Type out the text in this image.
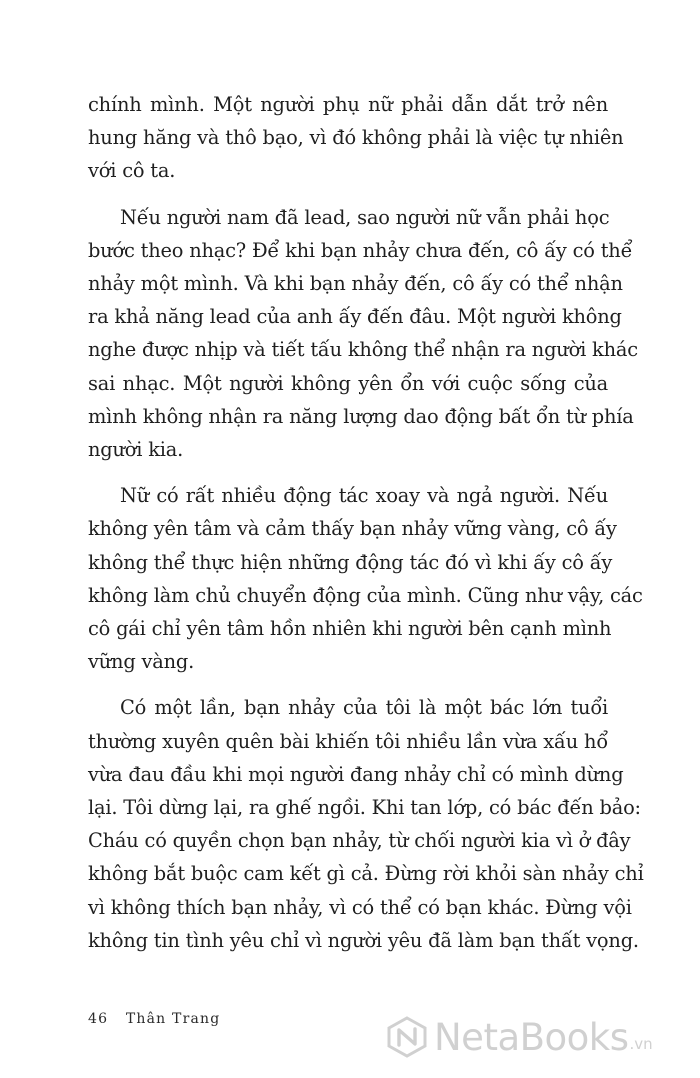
chính mình. Một người phụ nữ phải dẫn dắt trở nên
hung hăng và thô bạo, vì đó không phải là việc tự nhiên
với cô ta.
Nếu người nam đã lead, sao người nữ vẫn phải học
bước theo nhạc? Để khi bạn nhảy chưa đến, cô ấy có thể
nhảy một mình. Và khi bạn nhảy đến, cô ấy có thể nhận
ra khả năng lead của anh ấy đến đâu. Một người không
nghe được nhịp và tiết tấu không thể nhận ra người khác
sai nhạc. Một người không yên ổn với cuộc sống của
mình không nhận ra năng lượng dao động bất ổn từ phía
người kia.
Nữ có rất nhiều động tác xoay và ngả người. Nếu
không yên tâm và cảm thấy bạn nhảy vững vàng, cô ấy
không thể thực hiện những động tác đó vì khi ấy cô ấy
không làm chủ chuyển động của mình. Cũng như vậy, các
cô gái chỉ yên tâm hồn nhiên khi người bên cạnh mình
vững vàng.
Có một lần, bạn nhảy của tôi là một bác lớn tuổi
thường xuyên quên bài khiến tôi nhiều lần vừa xấu hổ
vừa đau đầu khi mọi người đang nhảy chỉ có mình dừng
lại. Tôi dừng lại, ra ghế ngồi. Khi tan lớp, có bác đến bảo:
Cháu có quyền chọn bạn nhảy, từ chối người kia vì ở đây
không bắt buộc cam kết gì cả. Đừng rời khỏi sàn nhảy chỉ
vì không thích bạn nhảy, vì có thể có bạn khác. Đừng vội
không tin tình yêu chỉ vì người yêu đã làm bạn thất vọng.
46 Thân Trang	NetaBooks .vn
